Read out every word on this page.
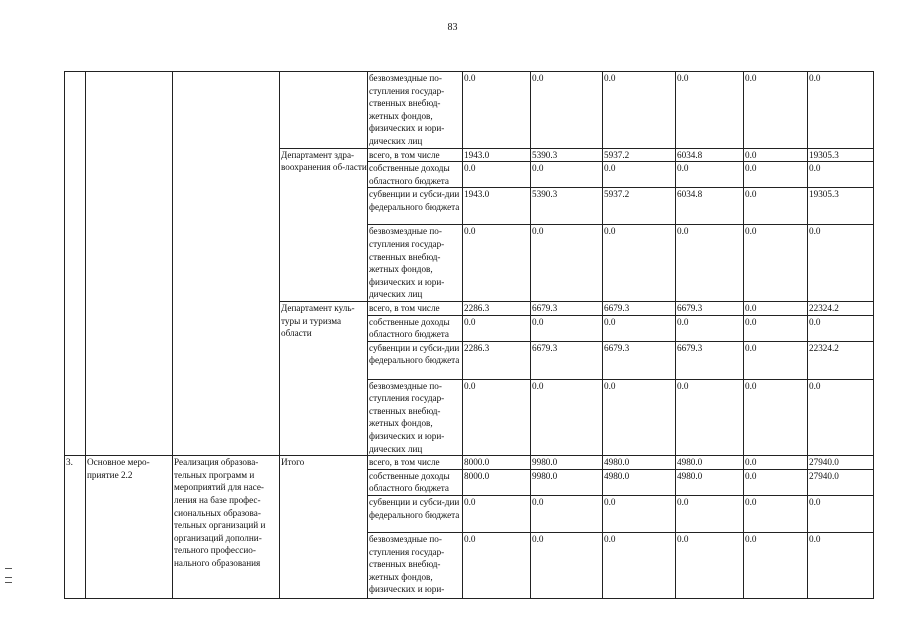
83
				безвозмездные по-ступления государ-ственных внебюд-жетных фондов, физических и юри-дических лиц	0.0	0.0	0.0	0.0	0.0	0.0
			Департамент здра-воохранения об-ласти	всего, в том числе	1943.0	5390.3	5937.2	6034.8	0.0	19305.3
				собственные доходы областного бюджета	0.0	0.0	0.0	0.0	0.0	0.0
				субвенции и субси-дии федерального бюджета	1943.0	5390.3	5937.2	6034.8	0.0	19305.3
				безвозмездные по-ступления государ-ственных внебюд-жетных фондов, физических и юри-дических лиц	0.0	0.0	0.0	0.0	0.0	0.0
			Департамент куль-туры и туризма области	всего, в том числе	2286.3	6679.3	6679.3	6679.3	0.0	22324.2
				собственные доходы областного бюджета	0.0	0.0	0.0	0.0	0.0	0.0
				субвенции и субси-дии федерального бюджета	2286.3	6679.3	6679.3	6679.3	0.0	22324.2
				безвозмездные по-ступления государ-ственных внебюд-жетных фондов, физических и юри-дических лиц	0.0	0.0	0.0	0.0	0.0	0.0
3.	Основное меро-приятие 2.2	Реализация образова-тельных программ и мероприятий для насе-ления на базе профес-сиональных образова-тельных организаций и организаций дополни-тельного профессио-нального образования	Итого	всего, в том числе	8000.0	9980.0	4980.0	4980.0	0.0	27940.0
				собственные доходы областного бюджета	8000.0	9980.0	4980.0	4980.0	0.0	27940.0
				субвенции и субси-дии федерального бюджета	0.0	0.0	0.0	0.0	0.0	0.0
				безвозмездные по-ступления государ-ственных внебюд-жетных фондов, физических и юри-	0.0	0.0	0.0	0.0	0.0	0.0
